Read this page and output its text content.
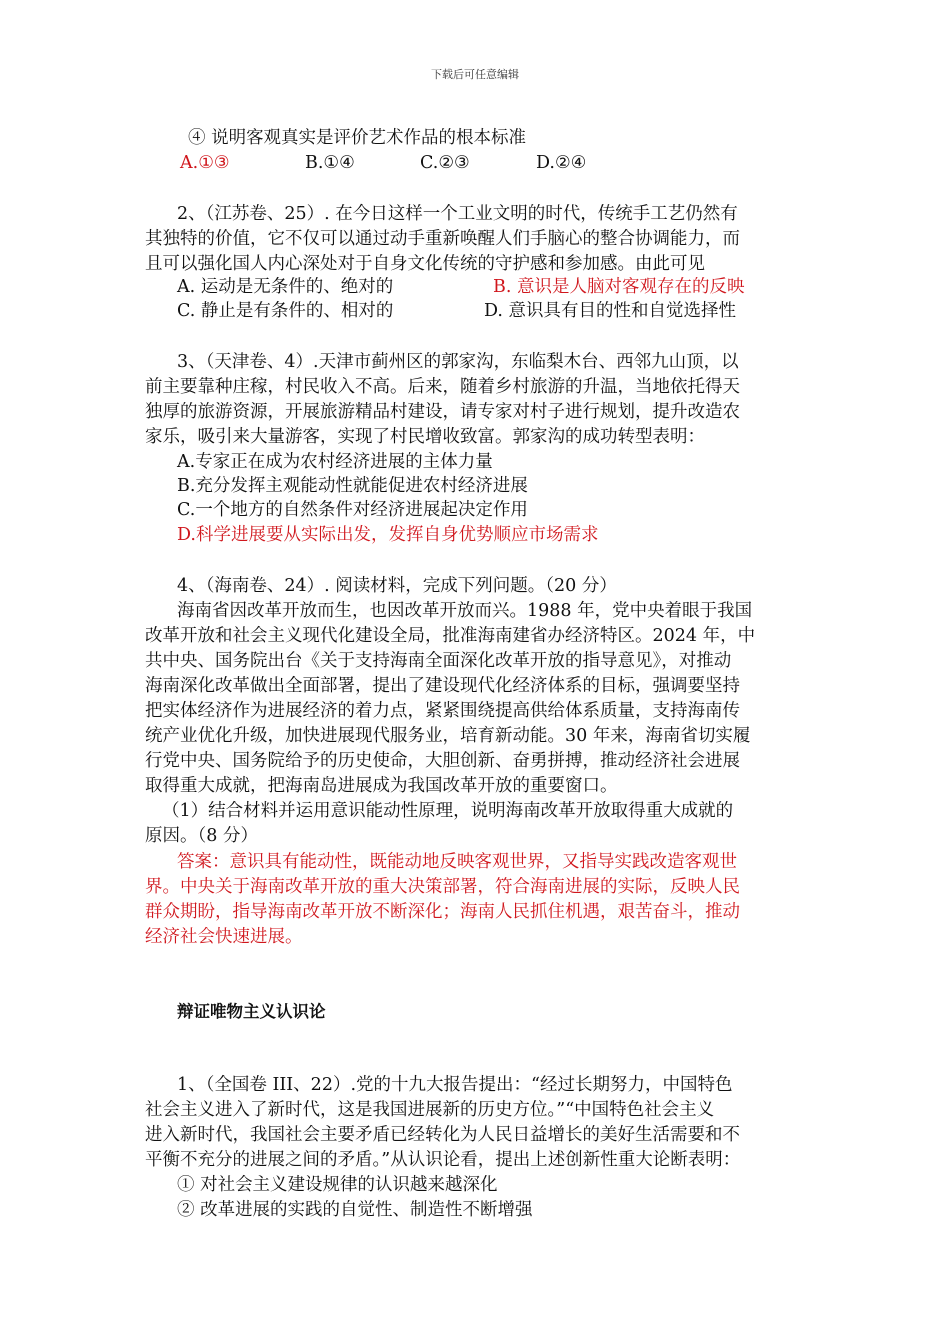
下载后可任意编辑
④ 说明客观真实是评价艺术作品的根本标准
A.①③	B.①④	C.②③	D.②④
2、（江苏卷、25）. 在今日这样一个工业文明的时代，传统手工艺仍然有
其独特的价值，它不仅可以通过动手重新唤醒人们手脑心的整合协调能力，而
且可以强化国人内心深处对于自身文化传统的守护感和参加感。由此可见
A. 运动是无条件的、绝对的	B. 意识是人脑对客观存在的反映
C. 静止是有条件的、相对的	D. 意识具有目的性和自觉选择性
3、（天津卷、4）.天津市蓟州区的郭家沟，东临梨木台、西邻九山顶，以
前主要靠种庄稼，村民收入不高。后来，随着乡村旅游的升温，当地依托得天
独厚的旅游资源，开展旅游精品村建设，请专家对村子进行规划，提升改造农
家乐，吸引来大量游客，实现了村民增收致富。郭家沟的成功转型表明：
A.专家正在成为农村经济进展的主体力量
B.充分发挥主观能动性就能促进农村经济进展
C.一个地方的自然条件对经济进展起决定作用
D.科学进展要从实际出发，发挥自身优势顺应市场需求
4、（海南卷、24）. 阅读材料，完成下列问题。（20 分）
海南省因改革开放而生，也因改革开放而兴。1988 年，党中央着眼于我国
改革开放和社会主义现代化建设全局，批准海南建省办经济特区。2024 年，中
共中央、国务院出台《关于支持海南全面深化改革开放的指导意见》，对推动
海南深化改革做出全面部署，提出了建设现代化经济体系的目标，强调要坚持
把实体经济作为进展经济的着力点，紧紧围绕提高供给体系质量，支持海南传
统产业优化升级，加快进展现代服务业，培育新动能。30 年来，海南省切实履
行党中央、国务院给予的历史使命，大胆创新、奋勇拼搏，推动经济社会进展
取得重大成就，把海南岛进展成为我国改革开放的重要窗口。
（1）结合材料并运用意识能动性原理，说明海南改革开放取得重大成就的
原因。（8 分）
答案：意识具有能动性，既能动地反映客观世界，又指导实践改造客观世
界。中央关于海南改革开放的重大决策部署，符合海南进展的实际，反映人民
群众期盼，指导海南改革开放不断深化；海南人民抓住机遇，艰苦奋斗，推动
经济社会快速进展。
辩证唯物主义认识论
1、（全国卷 III、22）.党的十九大报告提出：“经过长期努力，中国特色
社会主义进入了新时代，这是我国进展新的历史方位。”“中国特色社会主义
进入新时代，我国社会主要矛盾已经转化为人民日益增长的美好生活需要和不
平衡不充分的进展之间的矛盾。”从认识论看，提出上述创新性重大论断表明：
① 对社会主义建设规律的认识越来越深化
② 改革进展的实践的自觉性、制造性不断增强
